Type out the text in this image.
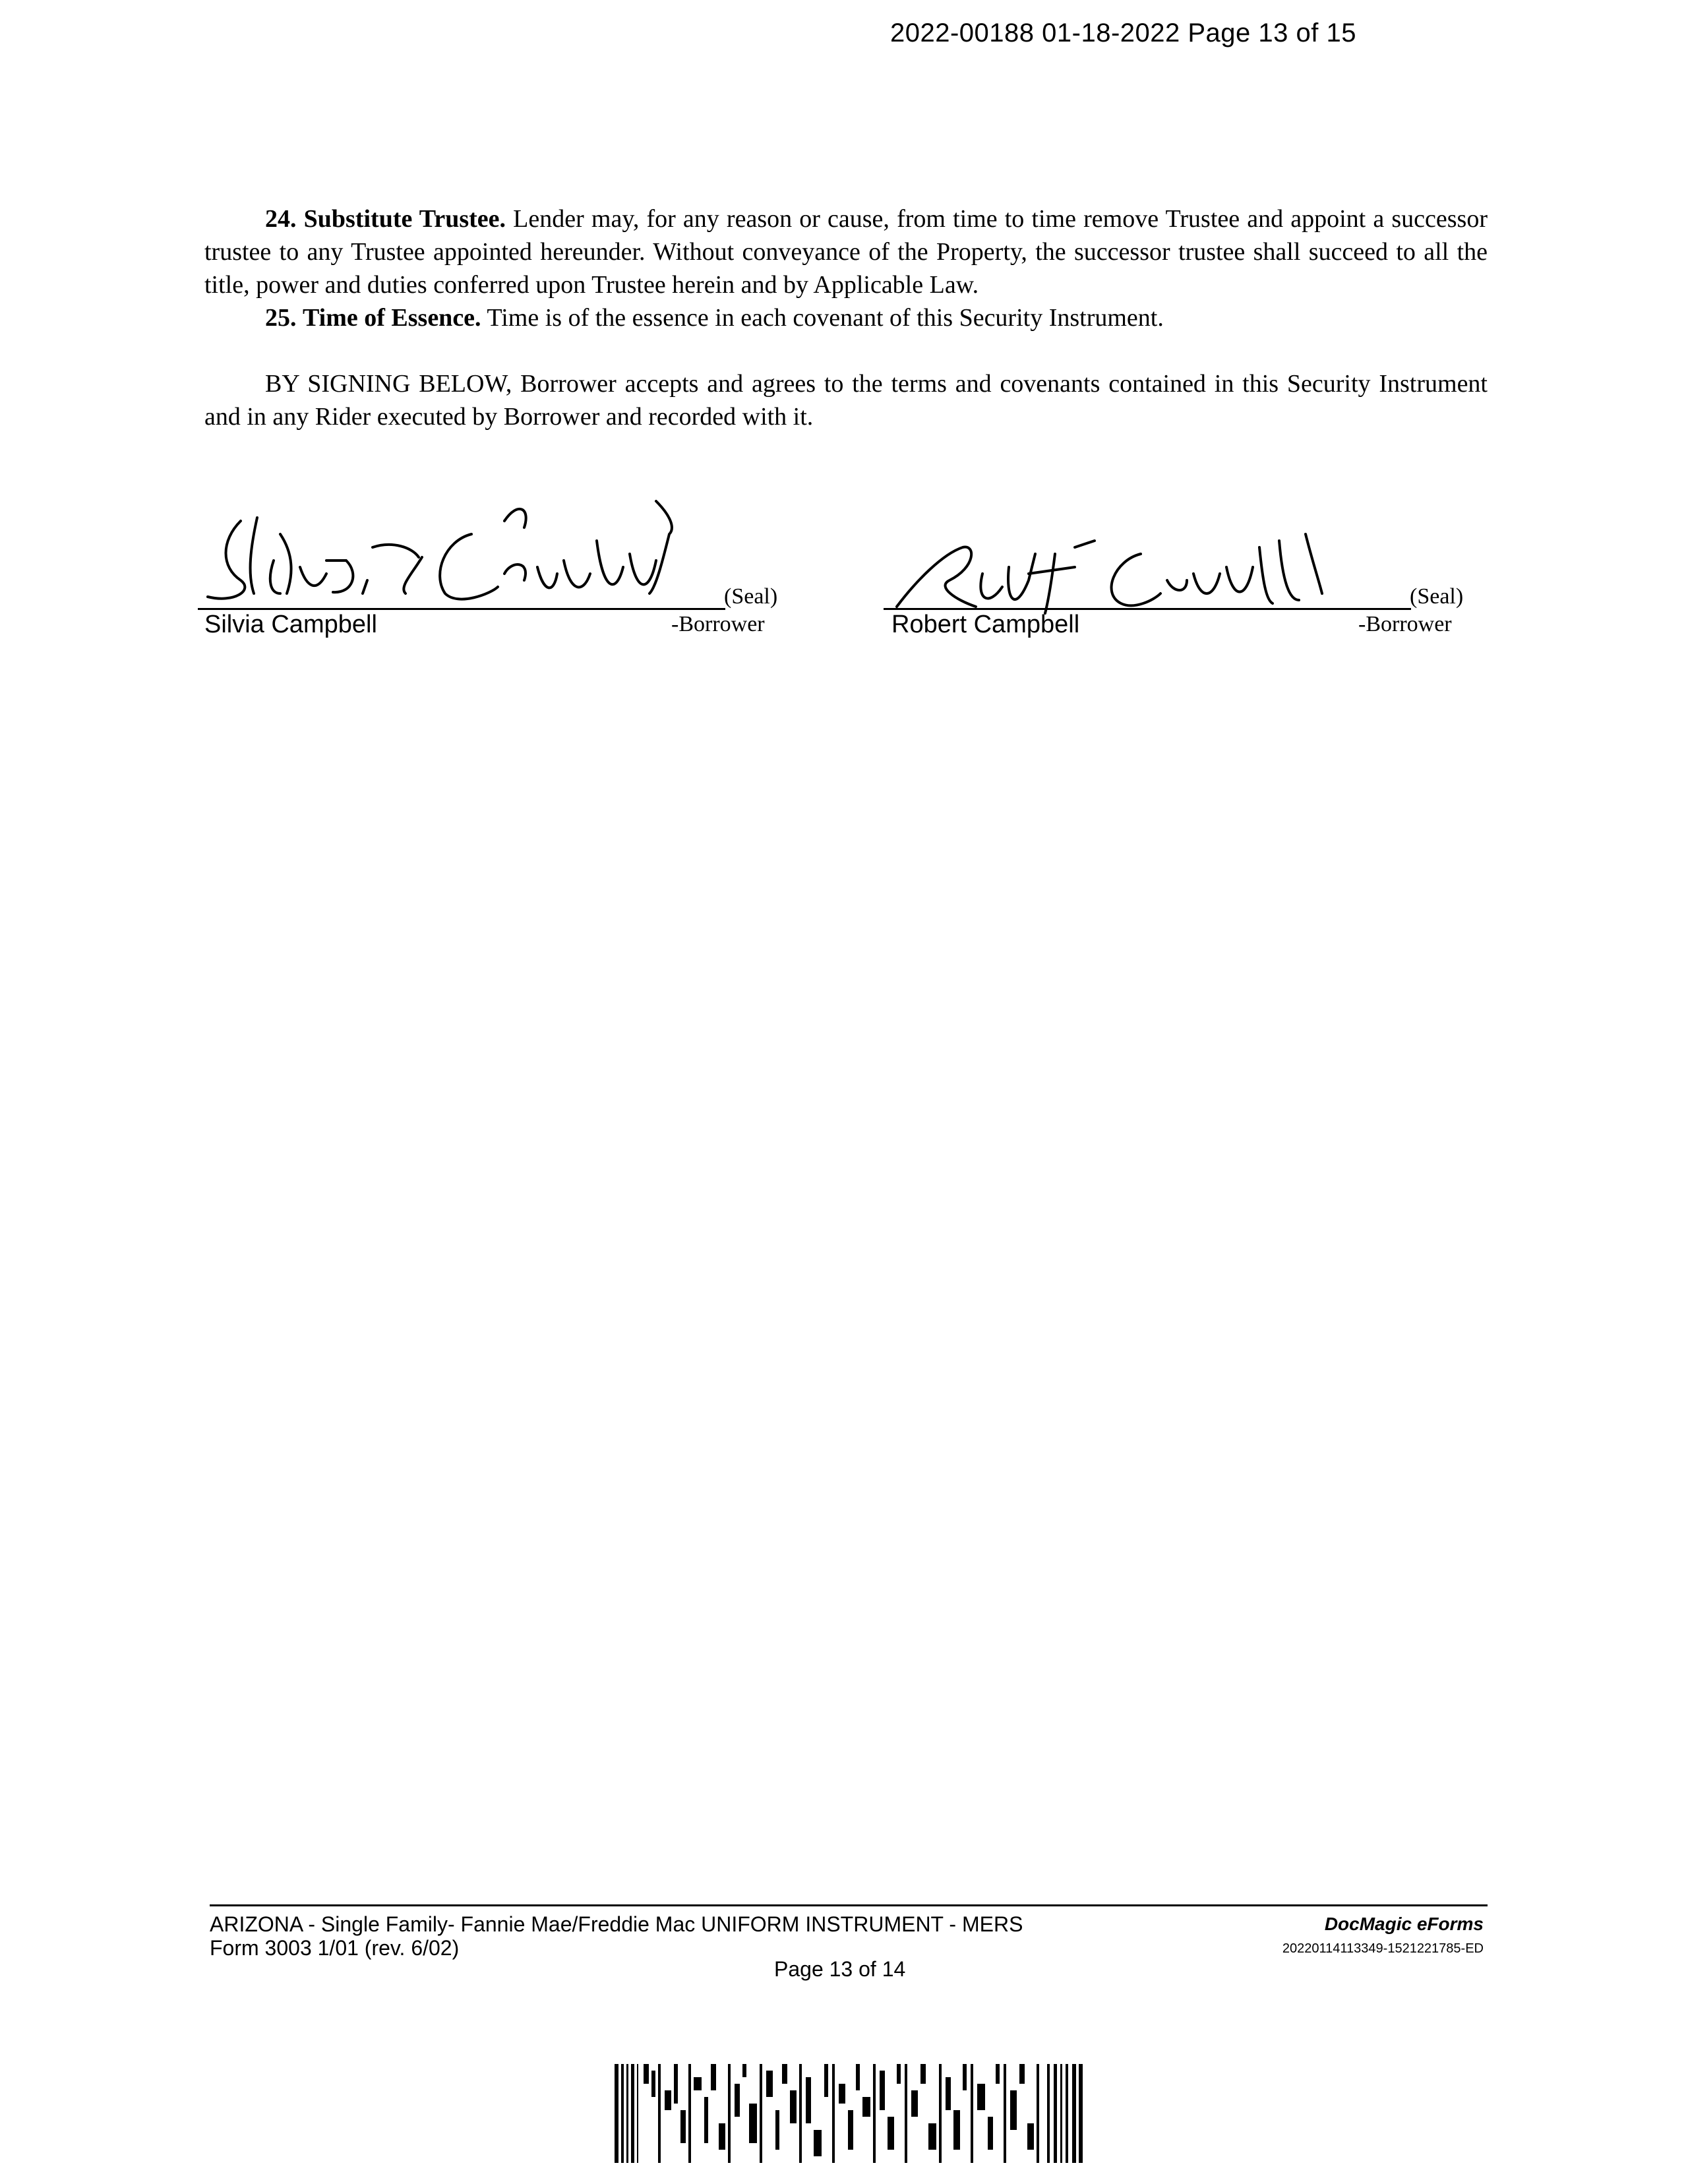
2022-00188 01-18-2022 Page 13 of 15

24. Substitute Trustee. Lender may, for any reason or cause, from time to time remove Trustee and appoint a successor trustee to any Trustee appointed hereunder. Without conveyance of the Property, the successor trustee shall succeed to all the title, power and duties conferred upon Trustee herein and by Applicable Law.

25. Time of Essence. Time is of the essence in each covenant of this Security Instrument.

BY SIGNING BELOW, Borrower accepts and agrees to the terms and covenants contained in this Security Instrument and in any Rider executed by Borrower and recorded with it.

(Seal)
Silvia Campbell	-Borrower
(Seal)
Robert Campbell	-Borrower
ARIZONA - Single Family- Fannie Mae/Freddie Mac UNIFORM INSTRUMENT - MERS
Form 3003 1/01 (rev. 6/02)
Page 13 of 14
DocMagic eForms
20220114113349-1521221785-ED
